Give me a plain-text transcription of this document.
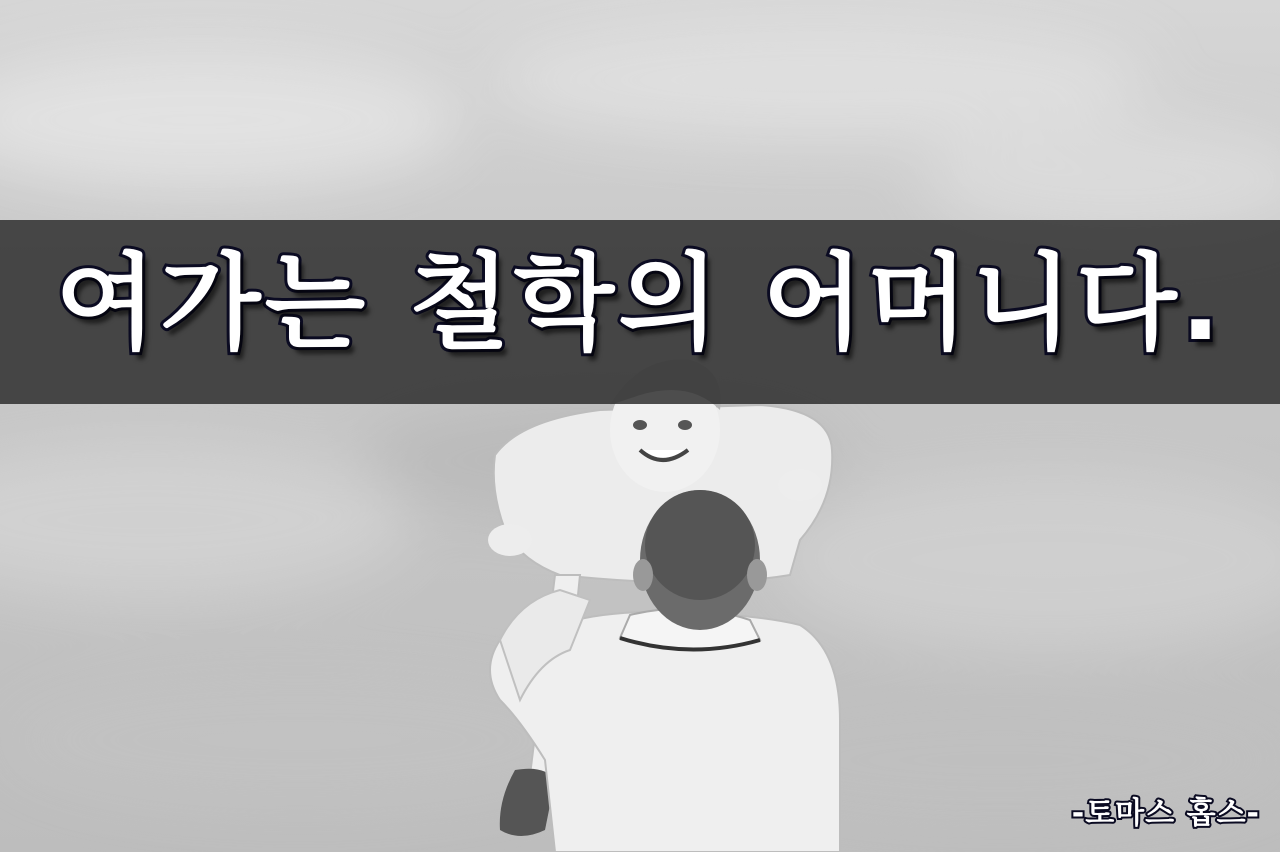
여가는 철학의 어머니다.
-토마스 홉스-
